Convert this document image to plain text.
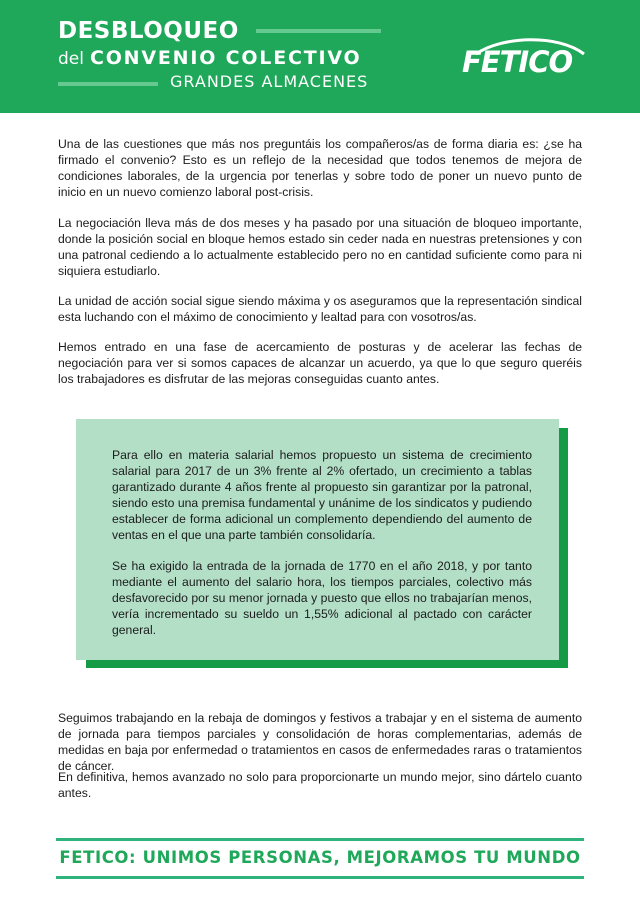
DESBLOQUEO
del CONVENIO COLECTIVO
GRANDES ALMACENES
FETICO

Una de las cuestiones que más nos preguntáis los compañeros/as de forma diaria es: ¿se ha firmado el convenio? Esto es un reflejo de la necesidad que todos tenemos de mejora de condiciones laborales, de la urgencia por tenerlas y sobre todo de poner un nuevo punto de inicio en un nuevo comienzo laboral post-crisis.

La negociación lleva más de dos meses y ha pasado por una situación de bloqueo importante, donde la posición social en bloque hemos estado sin ceder nada en nuestras pretensiones y con una patronal cediendo a lo actualmente establecido pero no en cantidad suficiente como para ni siquiera estudiarlo.

La unidad de acción social sigue siendo máxima y os aseguramos que la representación sindical esta luchando con el máximo de conocimiento y lealtad para con vosotros/as.

Hemos entrado en una fase de acercamiento de posturas y de acelerar las fechas de negociación para ver si somos capaces de alcanzar un acuerdo, ya que lo que seguro queréis los trabajadores es disfrutar de las mejoras conseguidas cuanto antes.

Para ello en materia salarial hemos propuesto un sistema de crecimiento salarial para 2017 de un 3% frente al 2% ofertado, un crecimiento a tablas garantizado durante 4 años frente al propuesto sin garantizar por la patronal, siendo esto una premisa fundamental y unánime de los sindicatos y pudiendo establecer de forma adicional un complemento dependiendo del aumento de ventas en el que una parte también consolidaría.

Se ha exigido la entrada de la jornada de 1770 en el año 2018, y por tanto mediante el aumento del salario hora, los tiempos parciales, colectivo más desfavorecido por su menor jornada y puesto que ellos no trabajarían menos, vería incrementado su sueldo un 1,55% adicional al pactado con carácter general.

Seguimos trabajando en la rebaja de domingos y festivos a trabajar y en el sistema de aumento de jornada para tiempos parciales y consolidación de horas complementarias, además de medidas en baja por enfermedad o tratamientos en casos de enfermedades raras o tratamientos de cáncer.

En definitiva, hemos avanzado no solo para proporcionarte un mundo mejor, sino dártelo cuanto antes.

FETICO: UNIMOS PERSONAS, MEJORAMOS TU MUNDO
